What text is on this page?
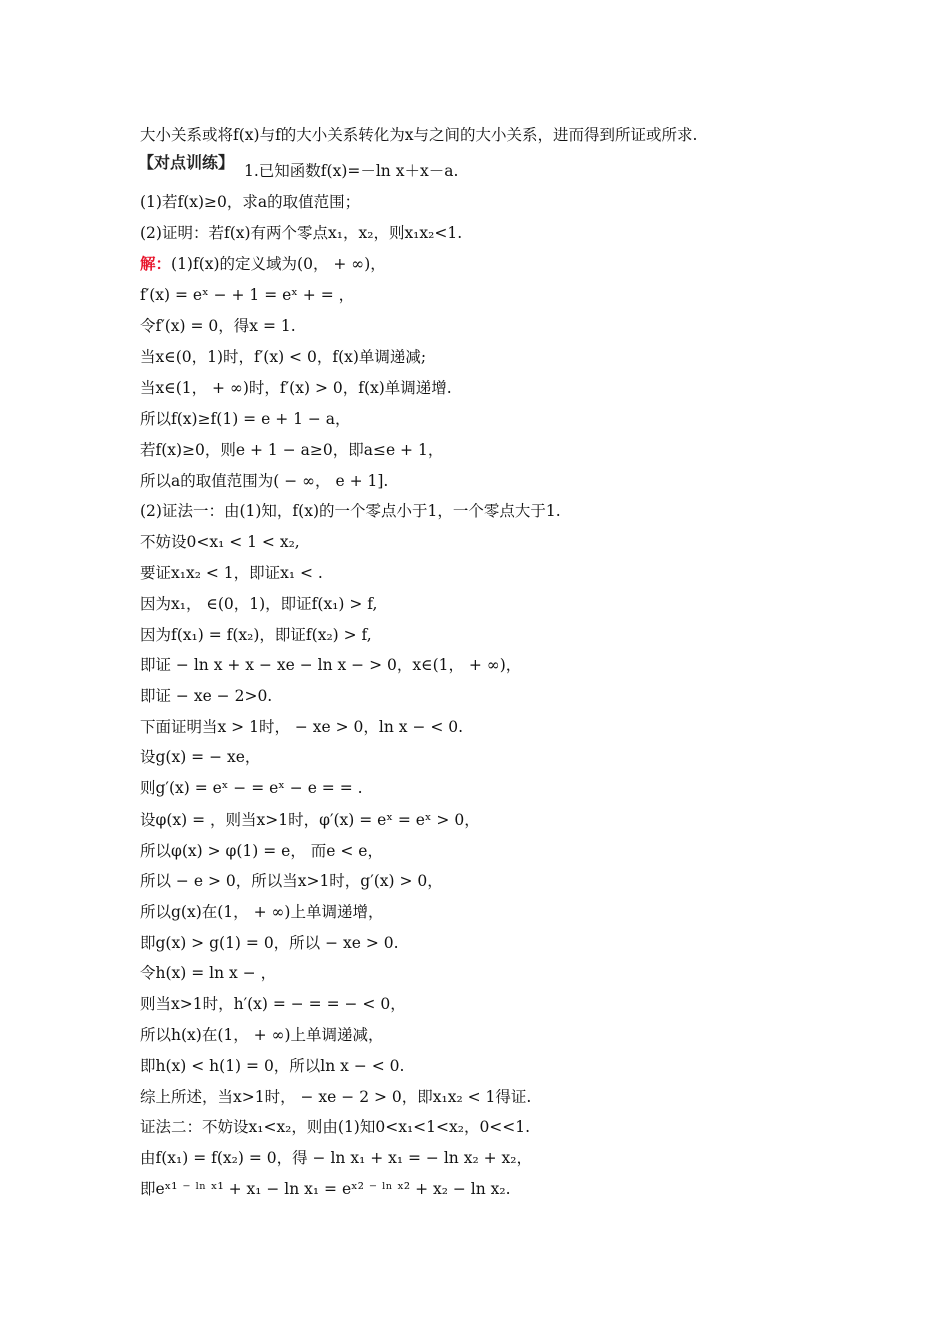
大小关系或将f(x)与f的大小关系转化为x与之间的大小关系，进而得到所证或所求.
【对点训练】 1.已知函数f(x)=－ln x＋x－a.
(1)若f(x)≥0，求a的取值范围；
(2)证明：若f(x)有两个零点x₁，x₂，则x₁x₂<1.
解：(1)f(x)的定义域为(0， + ∞)，
f′(x) = eˣ − + 1 = eˣ + = ，
令f′(x) = 0，得x = 1.
当x∈(0，1)时，f′(x) < 0，f(x)单调递减;
当x∈(1， + ∞)时，f′(x) > 0，f(x)单调递增.
所以f(x)≥f(1) = e + 1 − a，
若f(x)≥0，则e + 1 − a≥0，即a≤e + 1，
所以a的取值范围为( − ∞， e + 1].
(2)证法一：由(1)知，f(x)的一个零点小于1，一个零点大于1.
不妨设0<x₁ < 1 < x₂,
要证x₁x₂ < 1，即证x₁ < .
因为x₁， ∈(0，1)，即证f(x₁) > f,
因为f(x₁) = f(x₂)，即证f(x₂) > f,
即证 − ln x + x − xe − ln x − > 0，x∈(1， + ∞)，
即证 − xe − 2>0.
下面证明当x > 1时， − xe > 0，ln x − < 0.
设g(x) = − xe，
则g′(x) = eˣ − = eˣ − e = = .
设φ(x) = ，则当x>1时，φ′(x) = eˣ = eˣ > 0，
所以φ(x) > φ(1) = e， 而e < e，
所以 − e > 0，所以当x>1时，g′(x) > 0，
所以g(x)在(1， + ∞)上单调递增，
即g(x) > g(1) = 0，所以 − xe > 0.
令h(x) = ln x − ，
则当x>1时，h′(x) = − = = − < 0，
所以h(x)在(1， + ∞)上单调递减，
即h(x) < h(1) = 0，所以ln x − < 0.
综上所述，当x>1时， − xe − 2 > 0，即x₁x₂ < 1得证.
证法二：不妨设x₁<x₂，则由(1)知0<x₁<1<x₂，0<<1.
由f(x₁) = f(x₂) = 0，得 − ln x₁ + x₁ = − ln x₂ + x₂，
即eˣ¹ ⁻ ˡⁿ ˣ¹ + x₁ − ln x₁ = eˣ² ⁻ ˡⁿ ˣ² + x₂ − ln x₂.
